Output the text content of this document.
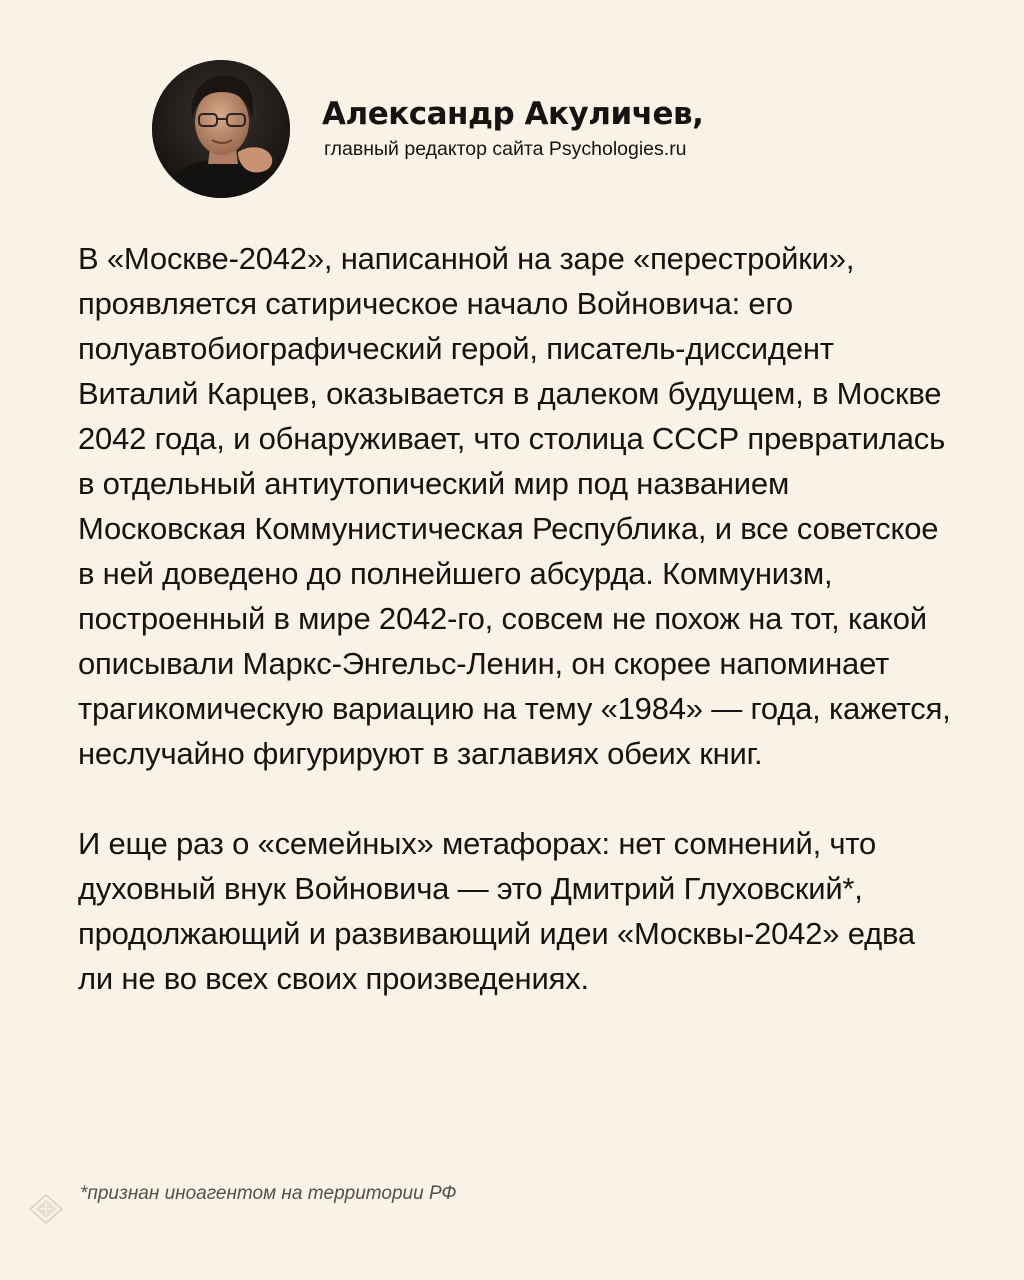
Александр Акуличев,
главный редактор сайта Psychologies.ru

В «Москве-2042», написанной на заре «перестройки», проявляется сатирическое начало Войновича: его полуавтобиографический герой, писатель-диссидент Виталий Карцев, оказывается в далеком будущем, в Москве 2042 года, и обнаруживает, что столица СССР превратилась в отдельный антиутопический мир под названием Московская Коммунистическая Республика, и все советское в ней доведено до полнейшего абсурда. Коммунизм, построенный в мире 2042-го, совсем не похож на тот, какой описывали Маркс-Энгельс-Ленин, он скорее напоминает трагикомическую вариацию на тему «1984» — года, кажется, неслучайно фигурируют в заглавиях обеих книг.

И еще раз о «семейных» метафорах: нет сомнений, что духовный внук Войновича — это Дмитрий Глуховский*, продолжающий и развивающий идеи «Москвы-2042» едва ли не во всех своих произведениях.

*признан иноагентом на территории РФ
